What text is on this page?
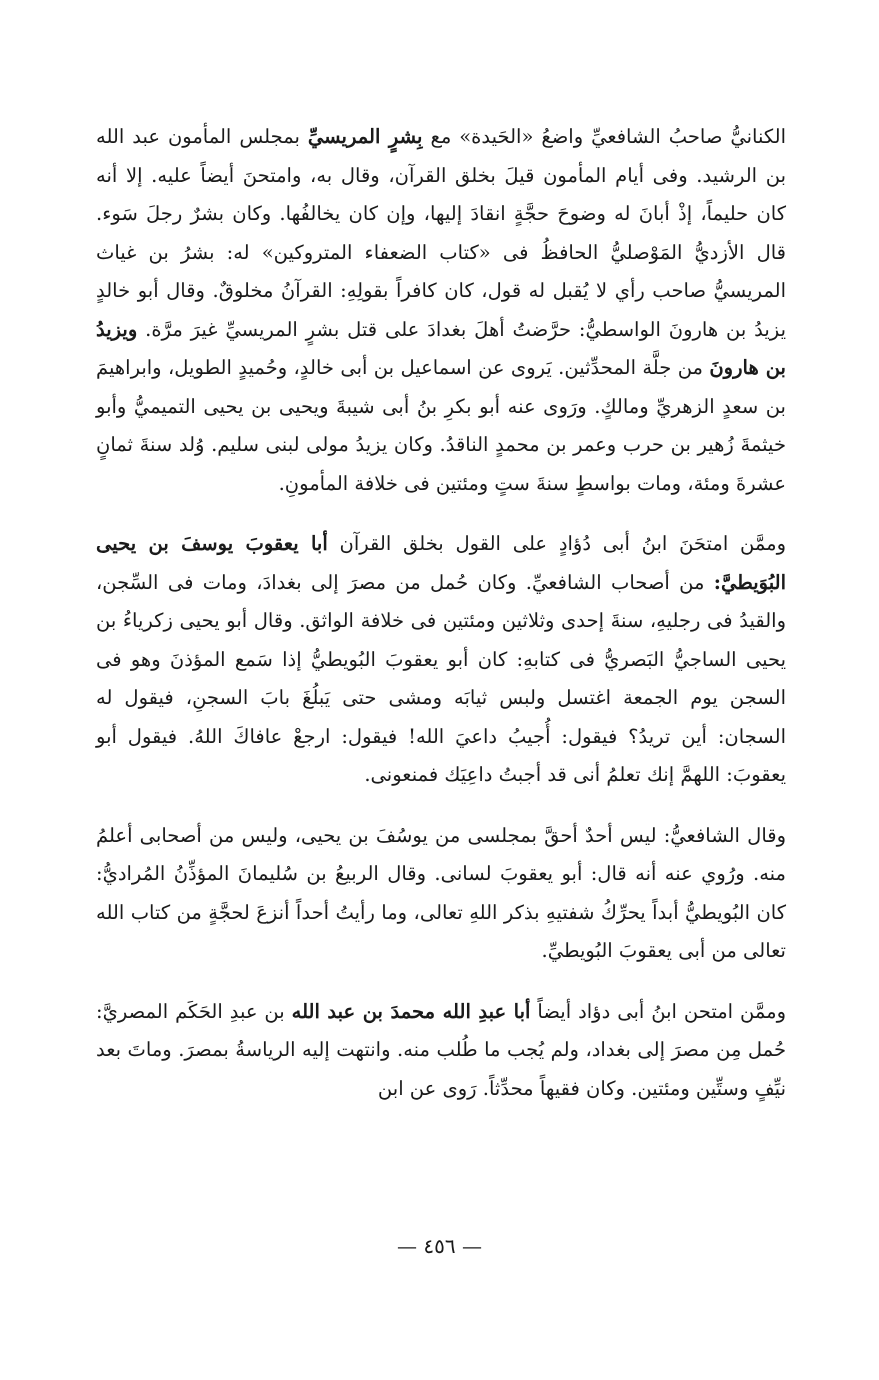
الكنانيُّ صاحبُ الشافعيِّ واضعُ «الحَيدة» مع بِشرٍ المريسيِّ بمجلس المأمون عبد الله بن الرشيد. وفى أيام المأمون قيلَ بخلق القرآن، وقال به، وامتحنَ أيضاً عليه. إلا أنه كان حليماً، إذْ أبانَ له وضوحَ حجَّةٍ انقادَ إليها، وإن كان يخالفُها. وكان بشرٌ رجلَ سَوء. قال الأزديُّ المَوْصليُّ الحافظُ فى «كتاب الضعفاء المتروكين» له: بشرُ بن غياث المريسيُّ صاحب رأي لا يُقبل له قول، كان كافراً بقولِهِ: القرآنُ مخلوقٌ. وقال أبو خالدٍ يزيدُ بن هارونَ الواسطيُّ: حرَّضتُ أهلَ بغدادَ على قتل بشرٍ المريسيِّ غيرَ مرَّة. ويزيدُ بن هارونَ من جلَّة المحدِّثين. يَروى عن اسماعيل بن أبى خالدٍ، وحُميدٍ الطويل، وابراهيمَ بن سعدٍ الزهريِّ ومالكٍ. ورَوى عنه أبو بكرِ بنُ أبى شيبةَ ويحيى بن يحيى التميميُّ وأبو خيثمةَ زُهير بن حرب وعمر بن محمدٍ الناقدُ. وكان يزيدُ مولى لبنى سليم. وُلد سنةَ ثمانٍ عشرةَ ومئة، ومات بواسطٍ سنةَ ستٍ ومئتين فى خلافة المأمونِ.

وممَّن امتحَنَ ابنُ أبى دُؤادٍ على القول بخلق القرآن أبا يعقوبَ يوسفَ بن يحيى البُوَيطيَّ: من أصحاب الشافعيِّ. وكان حُمل من مصرَ إلى بغدادَ، ومات فى السِّجن، والقيدُ فى رجليهِ، سنةَ إحدى وثلاثين ومئتين فى خلافة الواثق. وقال أبو يحيى زكرياءُ بن يحيى الساجيُّ البَصريُّ فى كتابهِ: كان أبو يعقوبَ البُويطيُّ إذا سَمع المؤذنَ وهو فى السجن يوم الجمعة اغتسل ولبس ثيابَه ومشى حتى يَبلُغَ بابَ السجنِ، فيقول له السجان: أين تريدُ؟ فيقول: أُجيبُ داعيَ الله! فيقول: ارجعْ عافاكَ اللهُ. فيقول أبو يعقوبَ: اللهمَّ إنك تعلمُ أنى قد أجبتُ داعِيَك فمنعونى.

وقال الشافعيُّ: ليس أحدٌ أحقَّ بمجلسى من يوسُفَ بن يحيى، وليس من أصحابى أعلمُ منه. ورُوي عنه أنه قال: أبو يعقوبَ لسانى. وقال الربيعُ بن سُليمانَ المؤذِّنُ المُراديُّ: كان البُويطيُّ أبداً يحرِّكُ شفتيهِ بذكر اللهِ تعالى، وما رأيتُ أحداً أنزعَ لحجَّةٍ من كتاب الله تعالى من أبى يعقوبَ البُويطيِّ.

وممَّن امتحن ابنُ أبى دؤاد أيضاً أبا عبدِ الله محمدَ بن عبد الله بن عبدِ الحَكَم المصريَّ: حُمل مِن مصرَ إلى بغداد، ولم يُجب ما طُلب منه. وانتهت إليه الرياسةُ بمصرَ. وماتَ بعد نيِّفٍ وستِّين ومئتين. وكان فقيهاً محدِّثاً. رَوى عن ابن

— ٤٥٦ —
